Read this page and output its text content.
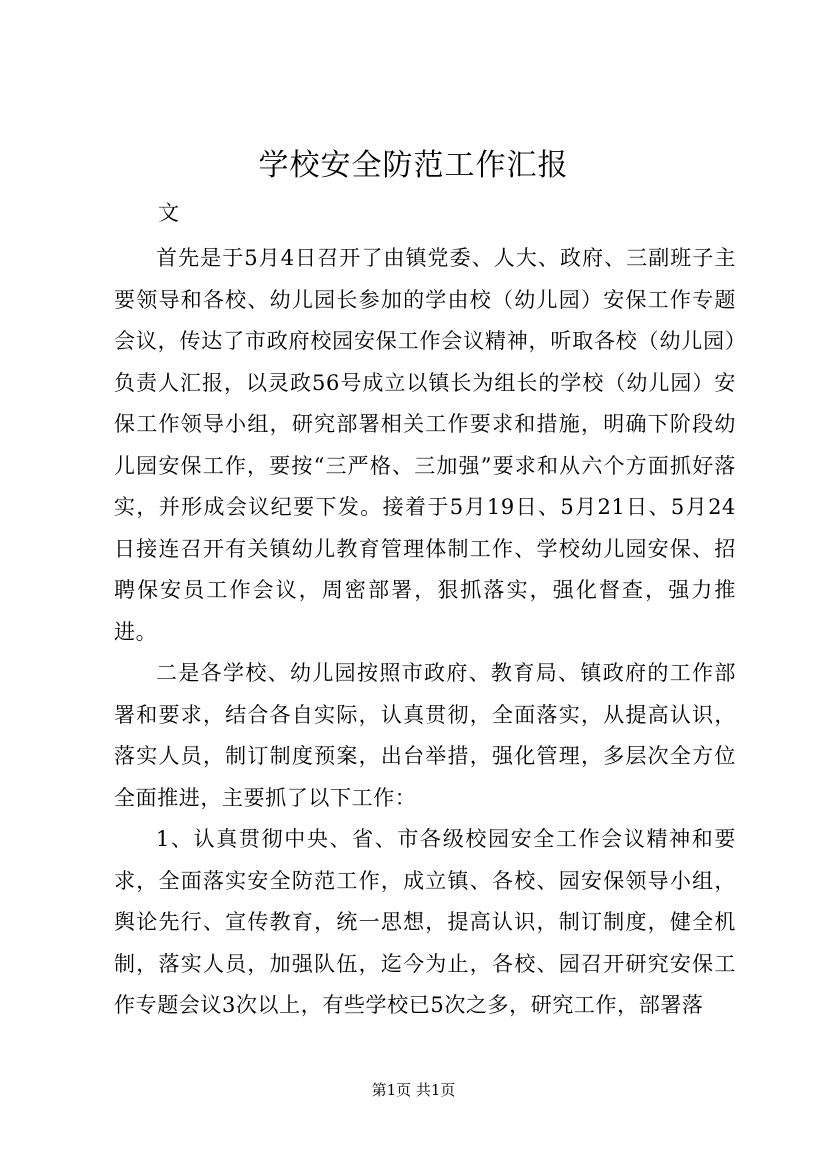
学校安全防范工作汇报
文

首先是于5月4日召开了由镇党委、人大、政府、三副班子主要领导和各校、幼儿园长参加的学由校（幼儿园）安保工作专题会议，传达了市政府校园安保工作会议精神，听取各校（幼儿园）负责人汇报，以灵政56号成立以镇长为组长的学校（幼儿园）安保工作领导小组，研究部署相关工作要求和措施，明确下阶段幼儿园安保工作，要按“三严格、三加强”要求和从六个方面抓好落实，并形成会议纪要下发。接着于5月19日、5月21日、5月24日接连召开有关镇幼儿教育管理体制工作、学校幼儿园安保、招聘保安员工作会议，周密部署，狠抓落实，强化督查，强力推进。

二是各学校、幼儿园按照市政府、教育局、镇政府的工作部署和要求，结合各自实际，认真贯彻，全面落实，从提高认识，落实人员，制订制度预案，出台举措，强化管理，多层次全方位全面推进，主要抓了以下工作：

1、认真贯彻中央、省、市各级校园安全工作会议精神和要求，全面落实安全防范工作，成立镇、各校、园安保领导小组，舆论先行、宣传教育，统一思想，提高认识，制订制度，健全机制，落实人员，加强队伍，迄今为止，各校、园召开研究安保工作专题会议3次以上，有些学校已5次之多，研究工作，部署落

第1页 共1页
